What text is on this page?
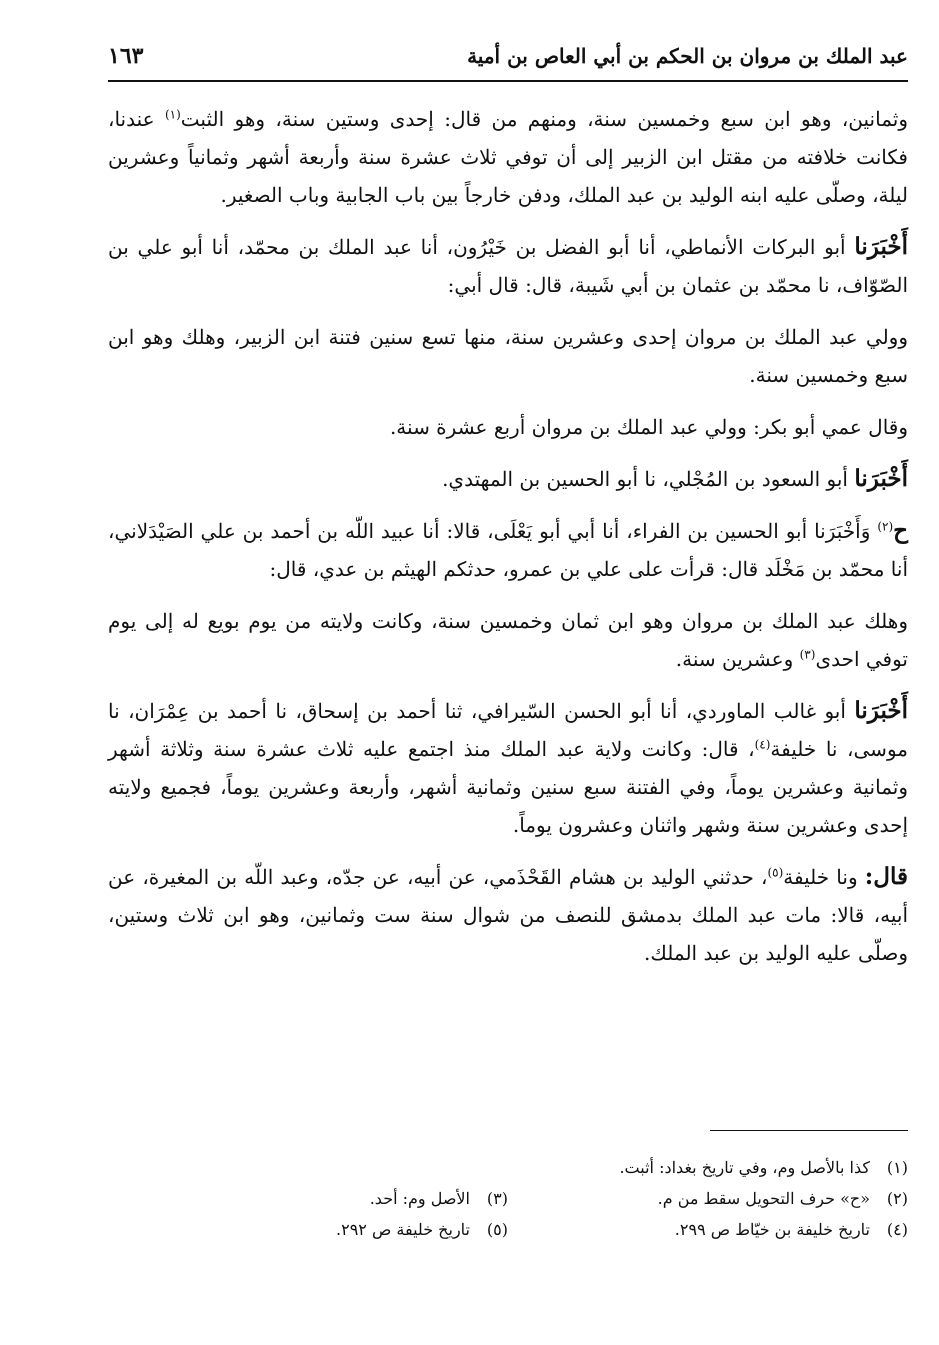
عبد الملك بن مروان بن الحكم بن أبي العاص بن أمية
١٦٣

وثمانين، وهو ابن سبع وخمسين سنة، ومنهم من قال: إحدى وستين سنة، وهو الثبت$^{(١)}$ عندنا، فكانت خلافته من مقتل ابن الزبير إلى أن توفي ثلاث عشرة سنة وأربعة أشهر وثمانياً وعشرين ليلة، وصلّى عليه ابنه الوليد بن عبد الملك، ودفن خارجاً بين باب الجابية وباب الصغير.

أَخْبَرَنا أبو البركات الأنماطي، أنا أبو الفضل بن خَيْرُون، أنا عبد الملك بن محمّد، أنا أبو علي بن الصّوّاف، نا محمّد بن عثمان بن أبي شَيبة، قال: قال أبي:

وولي عبد الملك بن مروان إحدى وعشرين سنة، منها تسع سنين فتنة ابن الزبير، وهلك وهو ابن سبع وخمسين سنة.

وقال عمي أبو بكر: وولي عبد الملك بن مروان أربع عشرة سنة.

أَخْبَرَنا أبو السعود بن المُجْلي، نا أبو الحسين بن المهتدي.

ح$^{(٢)}$ وَأَخْبَرَنا أبو الحسين بن الفراء، أنا أبي أبو يَعْلَى، قالا: أنا عبيد اللّه بن أحمد بن علي الصَيْدَلاني، أنا محمّد بن مَخْلَد قال: قرأت على علي بن عمرو، حدثكم الهيثم بن عدي، قال:

وهلك عبد الملك بن مروان وهو ابن ثمان وخمسين سنة، وكانت ولايته من يوم بويع له إلى يوم توفي احدى$^{(٣)}$ وعشرين سنة.

أَخْبَرَنا أبو غالب الماوردي، أنا أبو الحسن السّيرافي، ثنا أحمد بن إسحاق، نا أحمد بن عِمْرَان، نا موسى، نا خليفة$^{(٤)}$، قال: وكانت ولاية عبد الملك منذ اجتمع عليه ثلاث عشرة سنة وثلاثة أشهر وثمانية وعشرين يوماً، وفي الفتنة سبع سنين وثمانية أشهر، وأربعة وعشرين يوماً، فجميع ولايته إحدى وعشرين سنة وشهر واثنان وعشرون يوماً.

قال: ونا خليفة$^{(٥)}$، حدثني الوليد بن هشام القَحْذَمي، عن أبيه، عن جدّه، وعبد اللّه بن المغيرة، عن أبيه، قالا: مات عبد الملك بدمشق للنصف من شوال سنة ست وثمانين، وهو ابن ثلاث وستين، وصلّى عليه الوليد بن عبد الملك.

(١)كذا بالأصل وم، وفي تاريخ بغداد: أثبت.
(٢)«ح» حرف التحويل سقط من م.
(٣)الأصل وم: أحد.
(٤)تاريخ خليفة بن خيّاط ص ٢٩٩.
(٥)تاريخ خليفة ص ٢٩٢.
